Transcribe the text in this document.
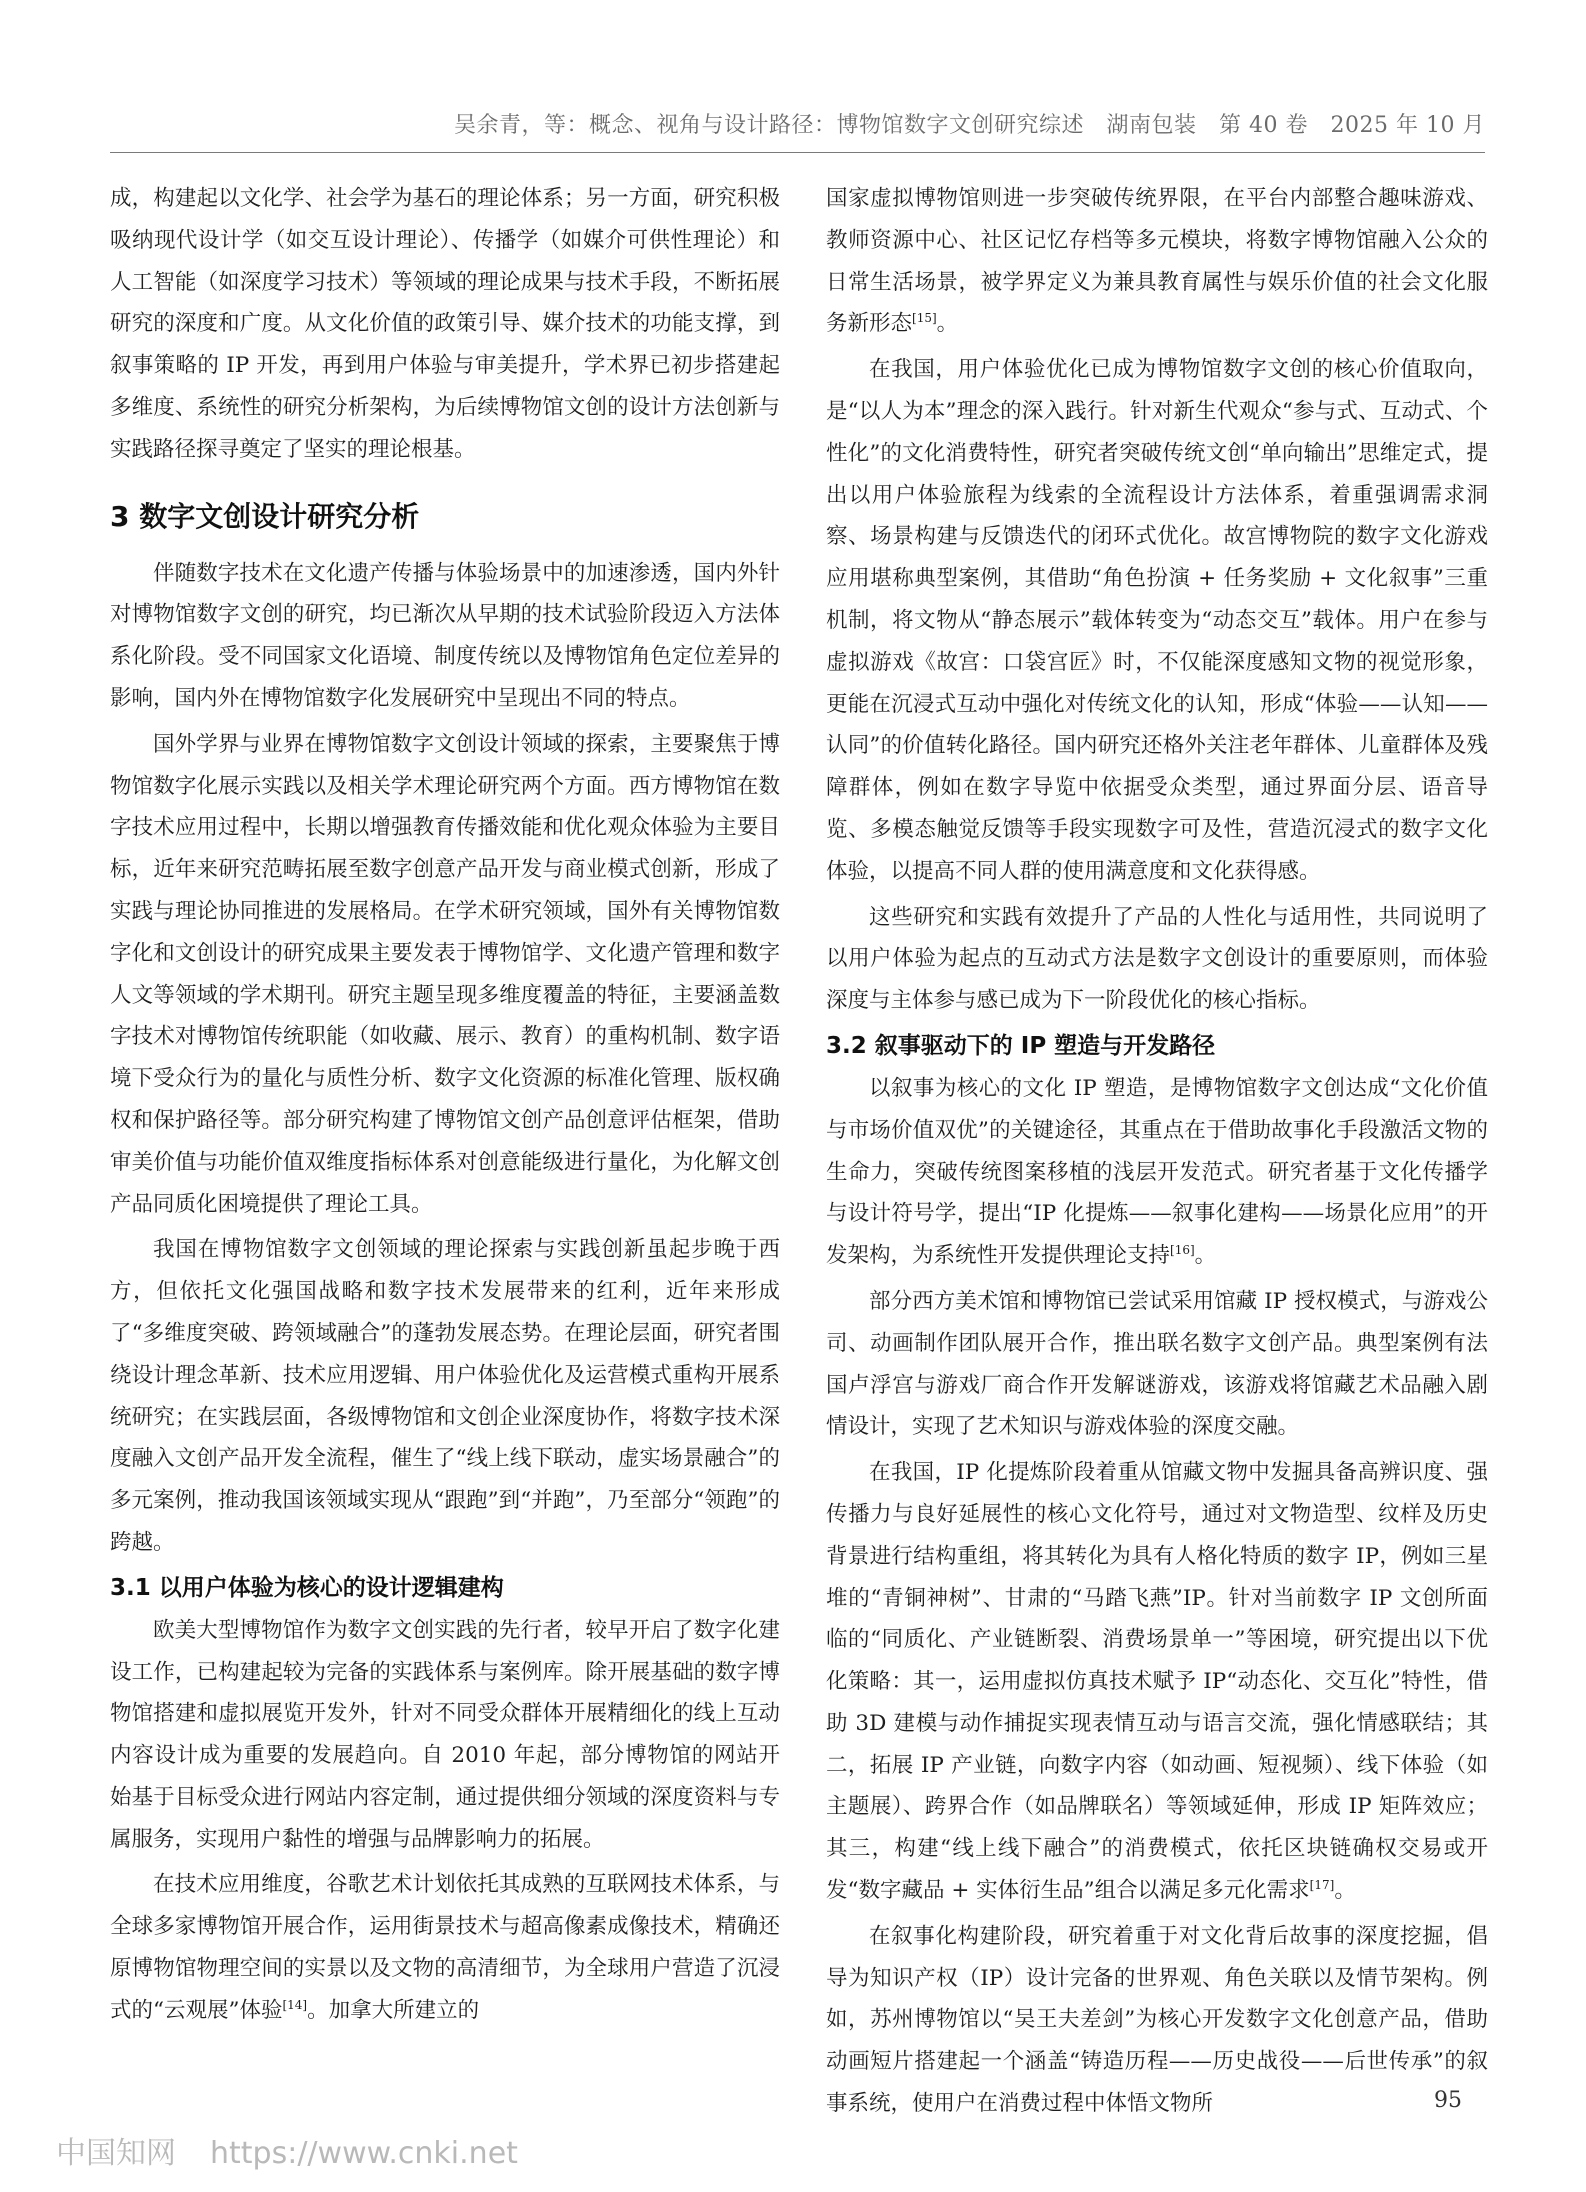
吴余青，等：概念、视角与设计路径：博物馆数字文创研究综述　湖南包装　第 40 卷　2025 年 10 月

成，构建起以文化学、社会学为基石的理论体系；另一方面，研究积极吸纳现代设计学（如交互设计理论）、传播学（如媒介可供性理论）和人工智能（如深度学习技术）等领域的理论成果与技术手段，不断拓展研究的深度和广度。从文化价值的政策引导、媒介技术的功能支撑，到叙事策略的 IP 开发，再到用户体验与审美提升，学术界已初步搭建起多维度、系统性的研究分析架构，为后续博物馆文创的设计方法创新与实践路径探寻奠定了坚实的理论根基。

3 数字文创设计研究分析

伴随数字技术在文化遗产传播与体验场景中的加速渗透，国内外针对博物馆数字文创的研究，均已渐次从早期的技术试验阶段迈入方法体系化阶段。受不同国家文化语境、制度传统以及博物馆角色定位差异的影响，国内外在博物馆数字化发展研究中呈现出不同的特点。

国外学界与业界在博物馆数字文创设计领域的探索，主要聚焦于博物馆数字化展示实践以及相关学术理论研究两个方面。西方博物馆在数字技术应用过程中，长期以增强教育传播效能和优化观众体验为主要目标，近年来研究范畴拓展至数字创意产品开发与商业模式创新，形成了实践与理论协同推进的发展格局。在学术研究领域，国外有关博物馆数字化和文创设计的研究成果主要发表于博物馆学、文化遗产管理和数字人文等领域的学术期刊。研究主题呈现多维度覆盖的特征，主要涵盖数字技术对博物馆传统职能（如收藏、展示、教育）的重构机制、数字语境下受众行为的量化与质性分析、数字文化资源的标准化管理、版权确权和保护路径等。部分研究构建了博物馆文创产品创意评估框架，借助审美价值与功能价值双维度指标体系对创意能级进行量化，为化解文创产品同质化困境提供了理论工具。

我国在博物馆数字文创领域的理论探索与实践创新虽起步晚于西方，但依托文化强国战略和数字技术发展带来的红利，近年来形成了“多维度突破、跨领域融合”的蓬勃发展态势。在理论层面，研究者围绕设计理念革新、技术应用逻辑、用户体验优化及运营模式重构开展系统研究；在实践层面，各级博物馆和文创企业深度协作，将数字技术深度融入文创产品开发全流程，催生了“线上线下联动，虚实场景融合”的多元案例，推动我国该领域实现从“跟跑”到“并跑”，乃至部分“领跑”的跨越。

3.1 以用户体验为核心的设计逻辑建构

欧美大型博物馆作为数字文创实践的先行者，较早开启了数字化建设工作，已构建起较为完备的实践体系与案例库。除开展基础的数字博物馆搭建和虚拟展览开发外，针对不同受众群体开展精细化的线上互动内容设计成为重要的发展趋向。自 2010 年起，部分博物馆的网站开始基于目标受众进行网站内容定制，通过提供细分领域的深度资料与专属服务，实现用户黏性的增强与品牌影响力的拓展。

在技术应用维度，谷歌艺术计划依托其成熟的互联网技术体系，与全球多家博物馆开展合作，运用街景技术与超高像素成像技术，精确还原博物馆物理空间的实景以及文物的高清细节，为全球用户营造了沉浸式的“云观展”体验[14]。加拿大所建立的

国家虚拟博物馆则进一步突破传统界限，在平台内部整合趣味游戏、教师资源中心、社区记忆存档等多元模块，将数字博物馆融入公众的日常生活场景，被学界定义为兼具教育属性与娱乐价值的社会文化服务新形态[15]。

在我国，用户体验优化已成为博物馆数字文创的核心价值取向，是“以人为本”理念的深入践行。针对新生代观众“参与式、互动式、个性化”的文化消费特性，研究者突破传统文创“单向输出”思维定式，提出以用户体验旅程为线索的全流程设计方法体系，着重强调需求洞察、场景构建与反馈迭代的闭环式优化。故宫博物院的数字文化游戏应用堪称典型案例，其借助“角色扮演 + 任务奖励 + 文化叙事”三重机制，将文物从“静态展示”载体转变为“动态交互”载体。用户在参与虚拟游戏《故宫：口袋宫匠》时，不仅能深度感知文物的视觉形象，更能在沉浸式互动中强化对传统文化的认知，形成“体验——认知——认同”的价值转化路径。国内研究还格外关注老年群体、儿童群体及残障群体，例如在数字导览中依据受众类型，通过界面分层、语音导览、多模态触觉反馈等手段实现数字可及性，营造沉浸式的数字文化体验，以提高不同人群的使用满意度和文化获得感。

这些研究和实践有效提升了产品的人性化与适用性，共同说明了以用户体验为起点的互动式方法是数字文创设计的重要原则，而体验深度与主体参与感已成为下一阶段优化的核心指标。

3.2 叙事驱动下的 IP 塑造与开发路径

以叙事为核心的文化 IP 塑造，是博物馆数字文创达成“文化价值与市场价值双优”的关键途径，其重点在于借助故事化手段激活文物的生命力，突破传统图案移植的浅层开发范式。研究者基于文化传播学与设计符号学，提出“IP 化提炼——叙事化建构——场景化应用”的开发架构，为系统性开发提供理论支持[16]。

部分西方美术馆和博物馆已尝试采用馆藏 IP 授权模式，与游戏公司、动画制作团队展开合作，推出联名数字文创产品。典型案例有法国卢浮宫与游戏厂商合作开发解谜游戏，该游戏将馆藏艺术品融入剧情设计，实现了艺术知识与游戏体验的深度交融。

在我国，IP 化提炼阶段着重从馆藏文物中发掘具备高辨识度、强传播力与良好延展性的核心文化符号，通过对文物造型、纹样及历史背景进行结构重组，将其转化为具有人格化特质的数字 IP，例如三星堆的“青铜神树”、甘肃的“马踏飞燕”IP。针对当前数字 IP 文创所面临的“同质化、产业链断裂、消费场景单一”等困境，研究提出以下优化策略：其一，运用虚拟仿真技术赋予 IP“动态化、交互化”特性，借助 3D 建模与动作捕捉实现表情互动与语言交流，强化情感联结；其二，拓展 IP 产业链，向数字内容（如动画、短视频）、线下体验（如主题展）、跨界合作（如品牌联名）等领域延伸，形成 IP 矩阵效应；其三，构建“线上线下融合”的消费模式，依托区块链确权交易或开发“数字藏品 + 实体衍生品”组合以满足多元化需求[17]。

在叙事化构建阶段，研究着重于对文化背后故事的深度挖掘，倡导为知识产权（IP）设计完备的世界观、角色关联以及情节架构。例如，苏州博物馆以“吴王夫差剑”为核心开发数字文化创意产品，借助动画短片搭建起一个涵盖“铸造历程——历史战役——后世传承”的叙事系统，使用户在消费过程中体悟文物所	95
中国知网 https://www.cnki.net
